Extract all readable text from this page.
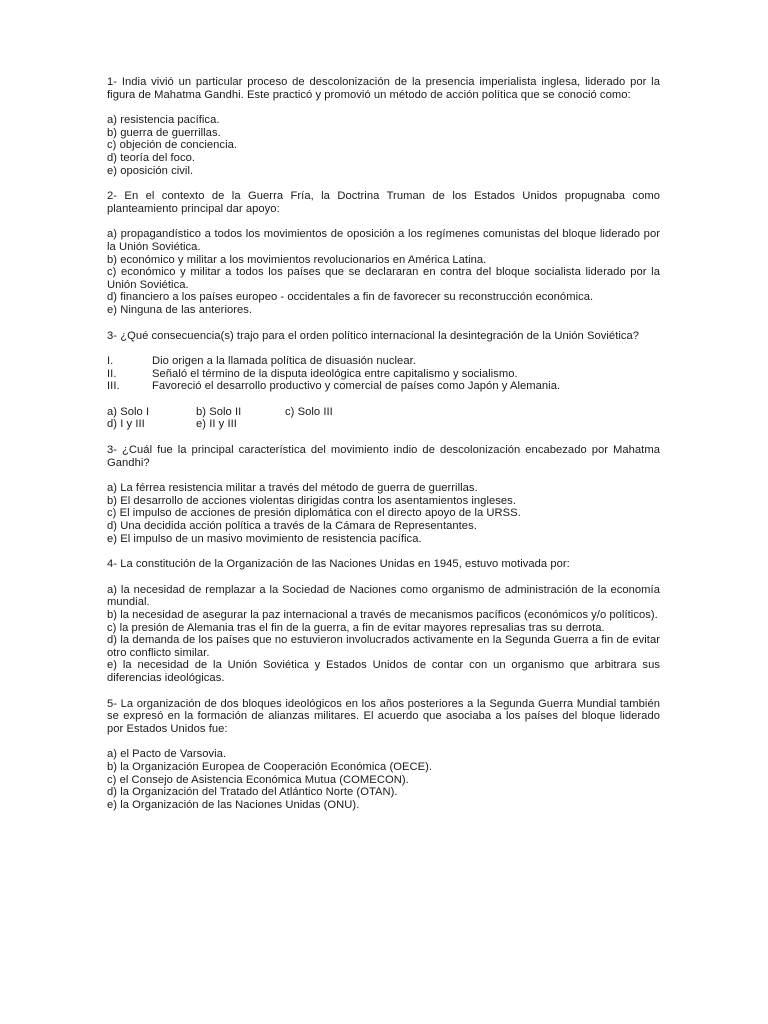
1- India vivió un particular proceso de descolonización de la presencia imperialista inglesa, liderado por la figura de Mahatma Gandhi. Este practicó y promovió un método de acción política que se conoció como:

a) resistencia pacífica.
b) guerra de guerrillas.
c) objeción de conciencia.
d) teoría del foco.
e) oposición civil.

2- En el contexto de la Guerra Fría, la Doctrina Truman de los Estados Unidos propugnaba como planteamiento principal dar apoyo:

a) propagandístico a todos los movimientos de oposición a los regímenes comunistas del bloque liderado por la Unión Soviética.
b) económico y militar a los movimientos revolucionarios en América Latina.
c) económico y militar a todos los países que se declararan en contra del bloque socialista liderado por la Unión Soviética.
d) financiero a los países europeo - occidentales a fin de favorecer su reconstrucción económica.
e) Ninguna de las anteriores.

3- ¿Qué consecuencia(s) trajo para el orden político internacional la desintegración de la Unión Soviética?

I.	Dio origen a la llamada política de disuasión nuclear.
II.	Señaló el término de la disputa ideológica entre capitalismo y socialismo.
III.	Favoreció el desarrollo productivo y comercial de países como Japón y Alemania.
a) Solo I	b) Solo II	c) Solo III
d) I y III	e) II y III

3- ¿Cuál fue la principal característica del movimiento indio de descolonización encabezado por Mahatma Gandhi?

a) La férrea resistencia militar a través del método de guerra de guerrillas.
b) El desarrollo de acciones violentas dirigidas contra los asentamientos ingleses.
c) El impulso de acciones de presión diplomática con el directo apoyo de la URSS.
d) Una decidida acción política a través de la Cámara de Representantes.
e) El impulso de un masivo movimiento de resistencia pacífica.

4- La constitución de la Organización de las Naciones Unidas en 1945, estuvo motivada por:

a) la necesidad de remplazar a la Sociedad de Naciones como organismo de administración de la economía mundial.
b) la necesidad de asegurar la paz internacional a través de mecanismos pacíficos (económicos y/o políticos).
c) la presión de Alemania tras el fin de la guerra, a fin de evitar mayores represalias tras su derrota.
d) la demanda de los países que no estuvieron involucrados activamente en la Segunda Guerra a fin de evitar otro conflicto similar.
e) la necesidad de la Unión Soviética y Estados Unidos de contar con un organismo que arbitrara sus diferencias ideológicas.

5- La organización de dos bloques ideológicos en los años posteriores a la Segunda Guerra Mundial también se expresó en la formación de alianzas militares. El acuerdo que asociaba a los países del bloque liderado por Estados Unidos fue:

a) el Pacto de Varsovia.
b) la Organización Europea de Cooperación Económica (OECE).
c) el Consejo de Asistencia Económica Mutua (COMECON).
d) la Organización del Tratado del Atlántico Norte (OTAN).
e) la Organización de las Naciones Unidas (ONU).
